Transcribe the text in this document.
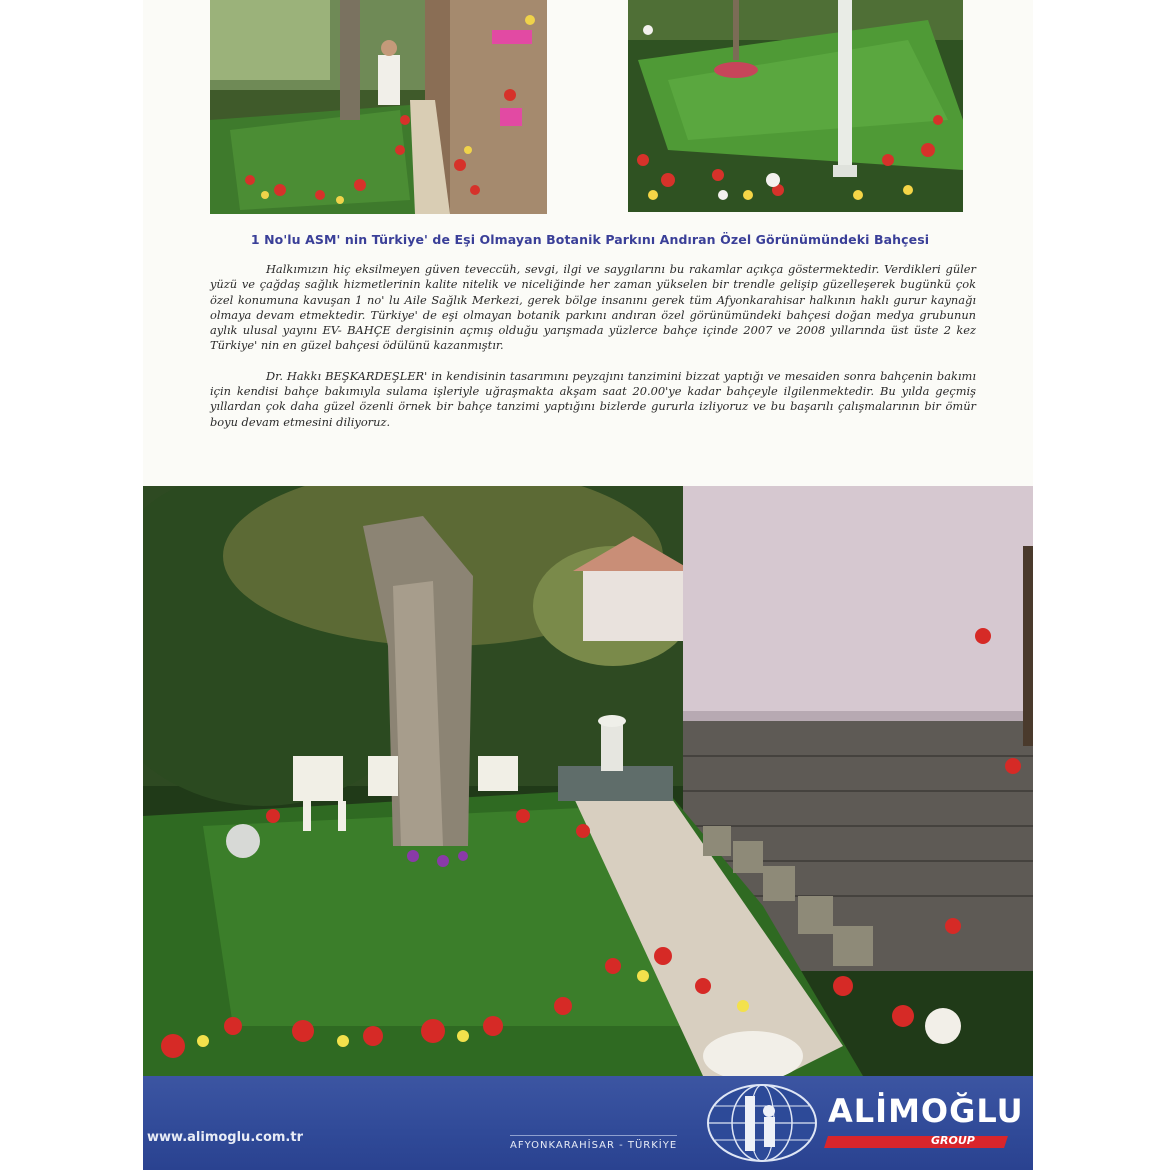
1 No'lu ASM' nin Türkiye' de Eşi Olmayan Botanik Parkını Andıran Özel Görünümündeki Bahçesi

Halkımızın hiç eksilmeyen güven teveccüh, sevgi, ilgi ve saygılarını bu rakamlar açıkça göstermektedir. Verdikleri güler yüzü ve çağdaş sağlık hizmetlerinin kalite nitelik ve niceliğinde her zaman yükselen bir trendle gelişip güzelleşerek bugünkü çok özel konumuna kavuşan 1 no' lu Aile Sağlık Merkezi, gerek bölge insanını gerek tüm Afyonkarahisar halkının haklı gurur kaynağı olmaya devam etmektedir. Türkiye' de eşi olmayan botanik parkını andıran özel görünümündeki bahçesi doğan medya grubunun aylık ulusal yayını EV- BAHÇE dergisinin açmış olduğu yarışmada yüzlerce bahçe içinde 2007 ve 2008 yıllarında üst üste 2 kez Türkiye' nin en güzel bahçesi ödülünü kazanmıştır.

Dr. Hakkı BEŞKARDEŞLER' in kendisinin tasarımını peyzajını tanzimini bizzat yaptığı ve mesaiden sonra bahçenin bakımı için kendisi bahçe bakımıyla sulama işleriyle uğraşmakta akşam saat 20.00'ye kadar bahçeyle ilgilenmektedir. Bu yılda geçmiş yıllardan çok daha güzel özenli örnek bir bahçe tanzimi yaptığını bizlerde gururla izliyoruz ve bu başarılı çalışmalarının bir ömür boyu devam etmesini diliyoruz.

www.alimoglu.com.tr
AFYONKARAHİSAR - TÜRKİYE
ALİMOĞLU
GROUP
